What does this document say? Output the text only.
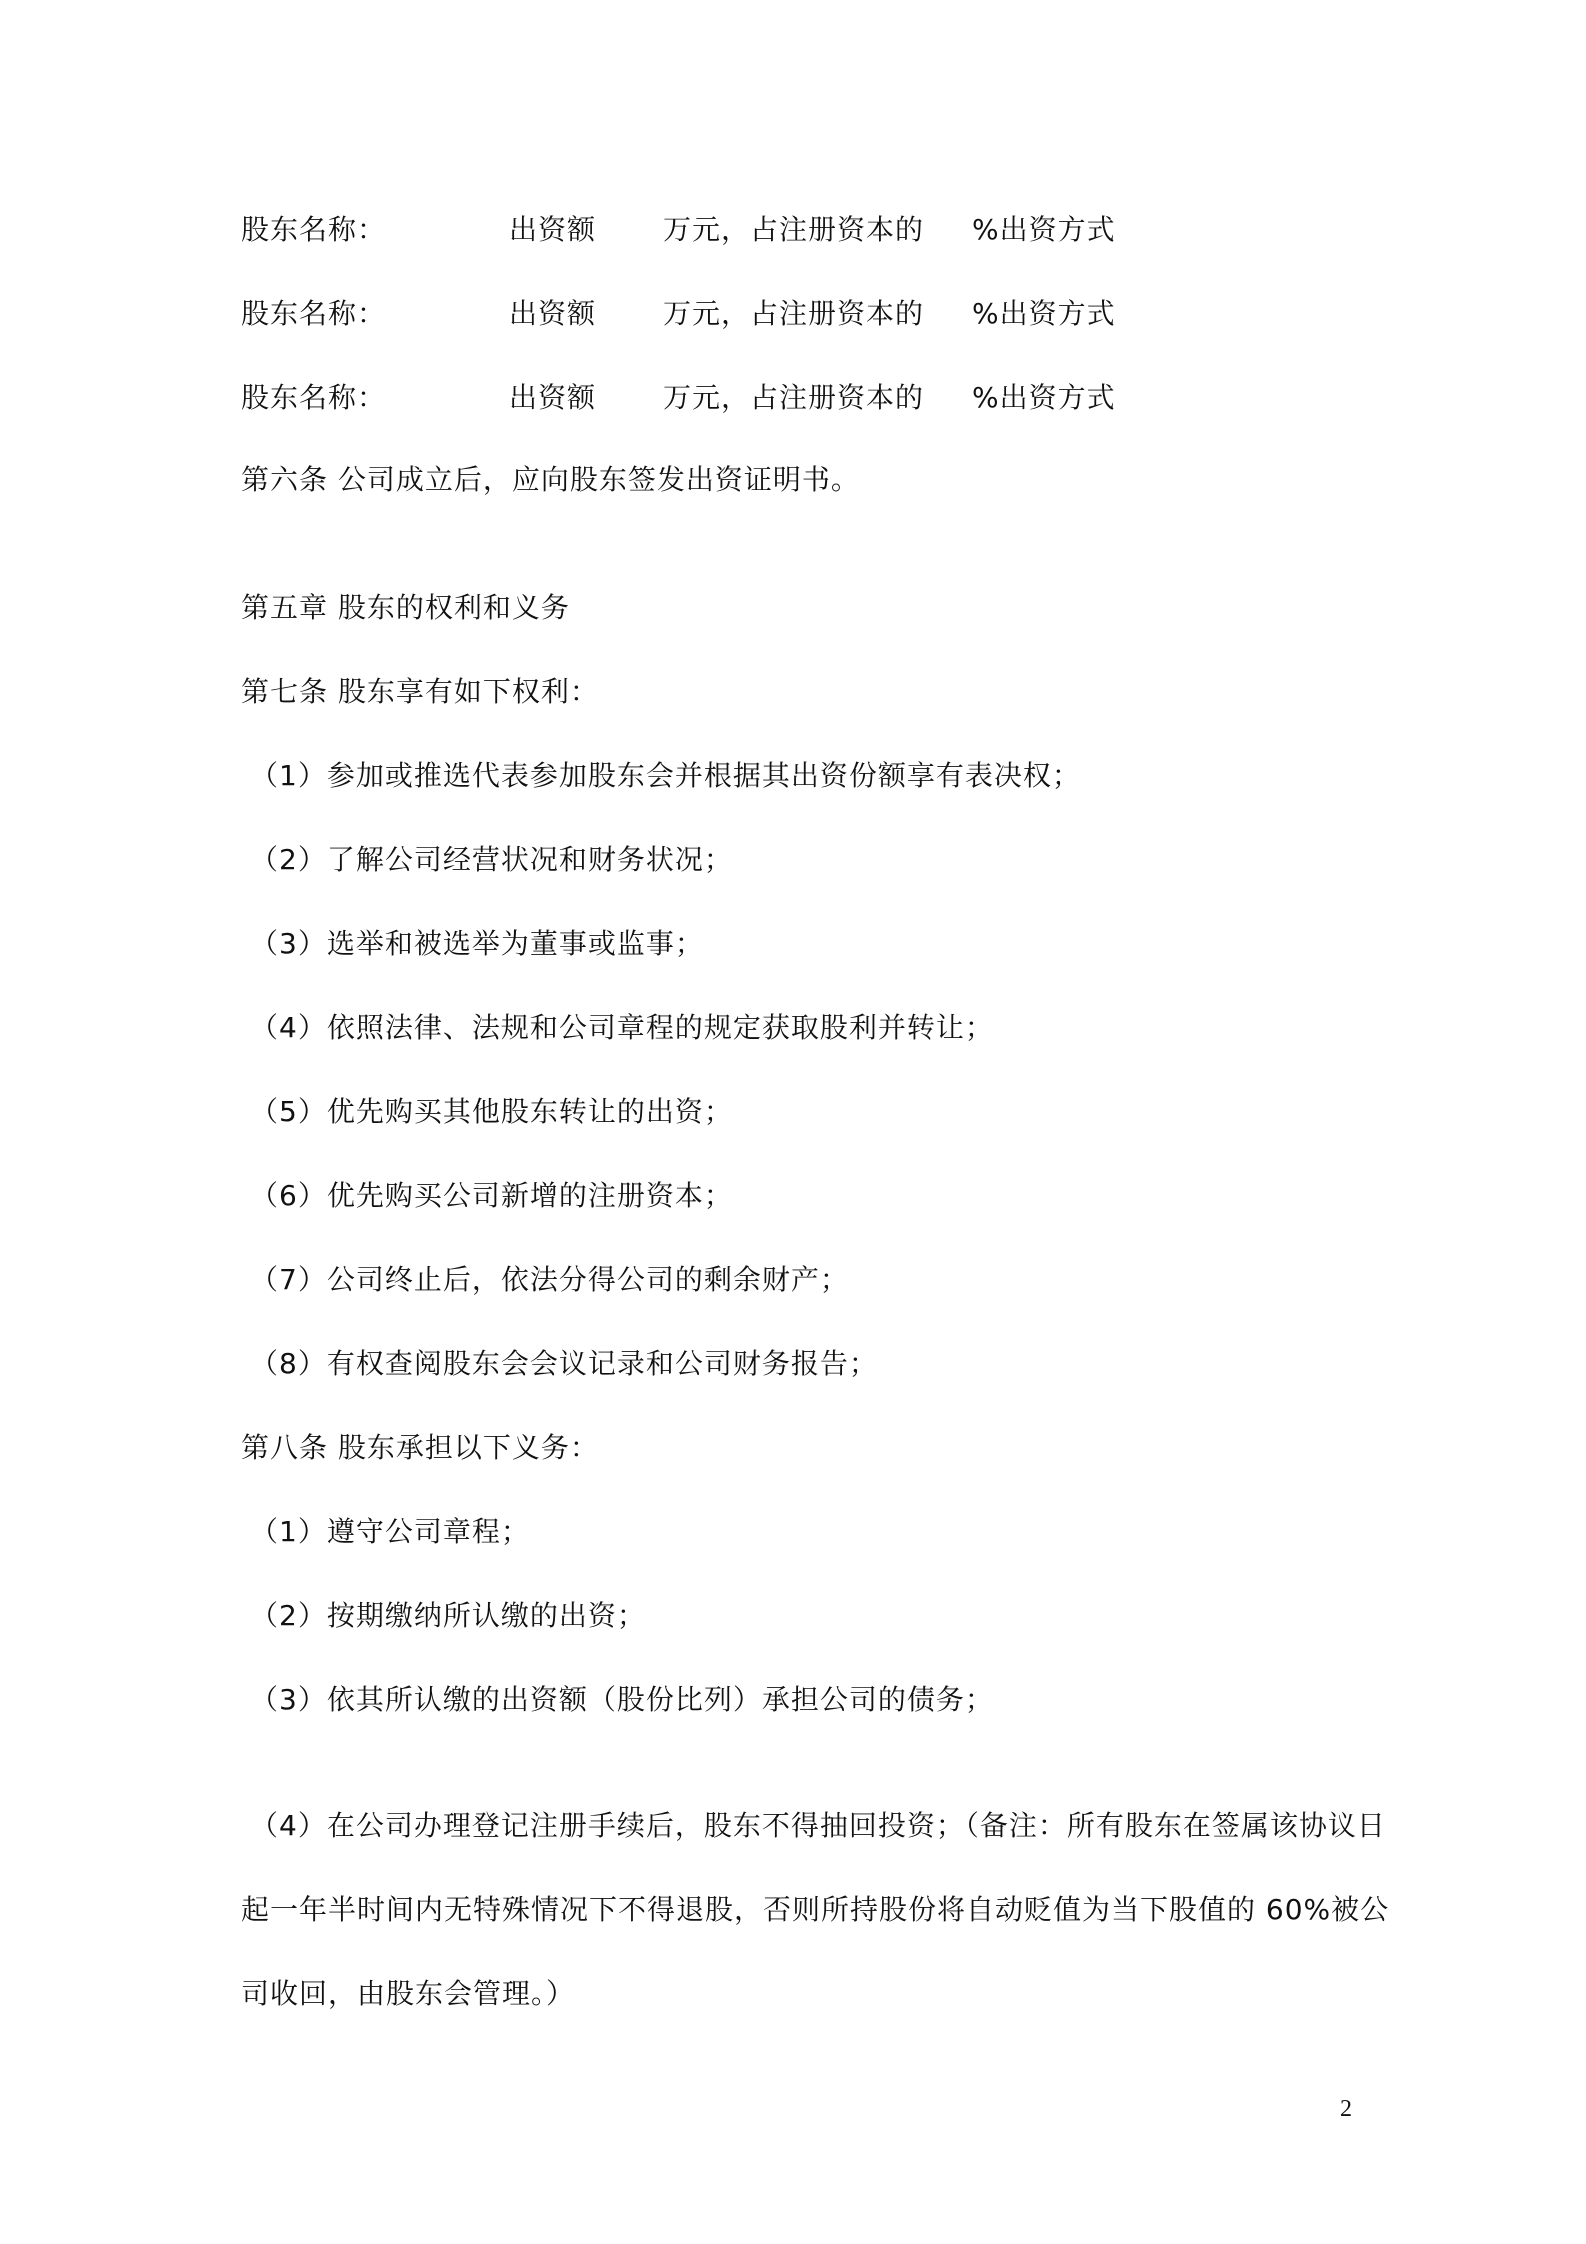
股东名称：	出资额 万元，占注册资本的 %出资方式
股东名称：	出资额 万元，占注册资本的 %出资方式
股东名称：	出资额 万元，占注册资本的 %出资方式
第六条 公司成立后，应向股东签发出资证明书。
第五章 股东的权利和义务
第七条 股东享有如下权利：
（1）参加或推选代表参加股东会并根据其出资份额享有表决权；
（2）了解公司经营状况和财务状况；
（3）选举和被选举为董事或监事；
（4）依照法律、法规和公司章程的规定获取股利并转让；
（5）优先购买其他股东转让的出资；
（6）优先购买公司新增的注册资本；
（7）公司终止后，依法分得公司的剩余财产；
（8）有权查阅股东会会议记录和公司财务报告；
第八条 股东承担以下义务：
（1）遵守公司章程；
（2）按期缴纳所认缴的出资；
（3）依其所认缴的出资额（股份比列）承担公司的债务；
（4）在公司办理登记注册手续后，股东不得抽回投资；（备注：所有股东在签属该协议日
起一年半时间内无特殊情况下不得退股，否则所持股份将自动贬值为当下股值的 60%被公
司收回，由股东会管理。）
2
